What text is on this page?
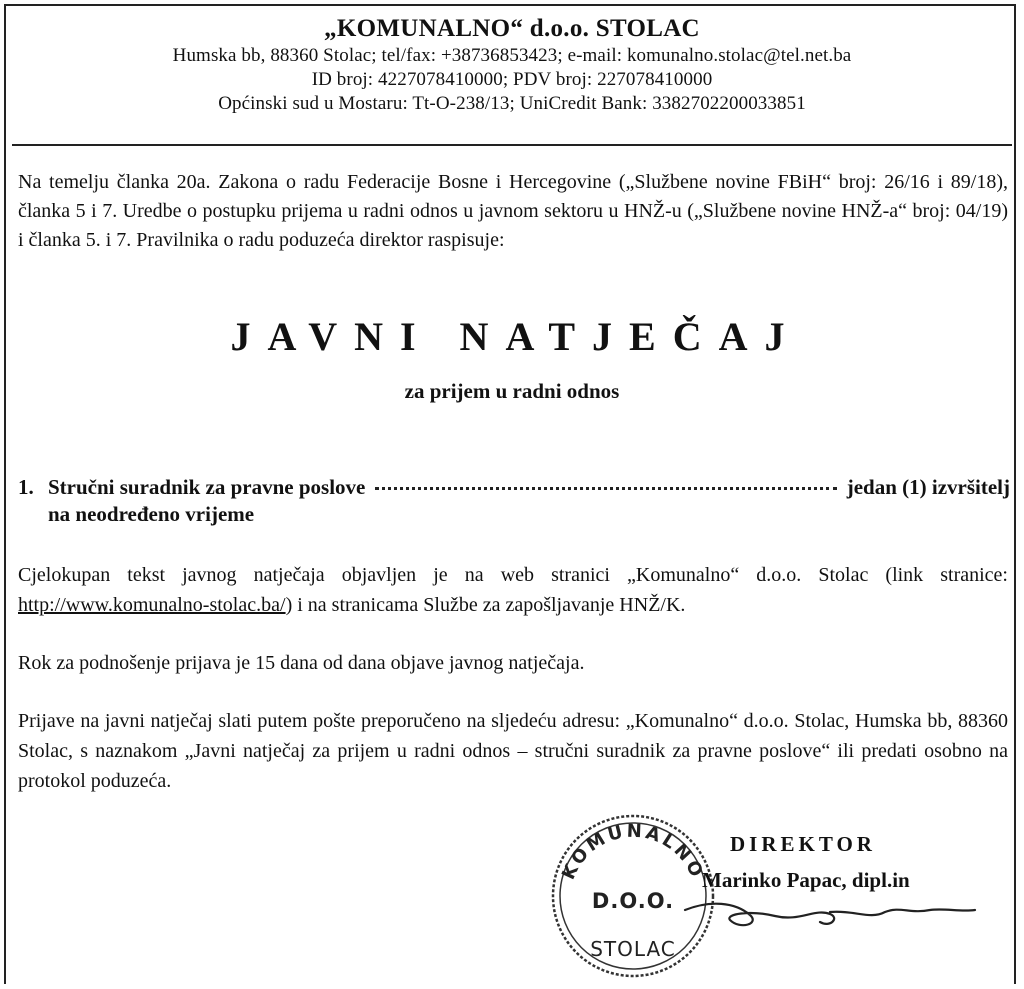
„KOMUNALNO“ d.o.o. STOLAC
Humska bb, 88360 Stolac; tel/fax: +38736853423; e-mail: komunalno.stolac@tel.net.ba
ID broj: 4227078410000; PDV broj: 227078410000
Općinski sud u Mostaru: Tt-O-238/13; UniCredit Bank: 3382702200033851
Na temelju članka 20a. Zakona o radu Federacije Bosne i Hercegovine („Službene novine FBiH“ broj: 26/16 i 89/18), članka 5 i 7. Uredbe o postupku prijema u radni odnos u javnom sektoru u HNŽ-u („Službene novine HNŽ-a“ broj: 04/19) i članka 5. i 7. Pravilnika o radu poduzeća direktor raspisuje:
JAVNI NATJEČAJ
za prijem u radni odnos
1. Stručni suradnik za pravne poslove	jedan (1) izvršitelj
na neodređeno vrijeme
Cjelokupan tekst javnog natječaja objavljen je na web stranici „Komunalno“ d.o.o. Stolac (link stranice: http://www.komunalno-stolac.ba/) i na stranicama Službe za zapošljavanje HNŽ/K.
Rok za podnošenje prijava je 15 dana od dana objave javnog natječaja.
Prijave na javni natječaj slati putem pošte preporučeno na sljedeću adresu: „Komunalno“ d.o.o. Stolac, Humska bb, 88360 Stolac, s naznakom „Javni natječaj za prijem u radni odnos – stručni suradnik za pravne poslove“ ili predati osobno na protokol poduzeća.
KOMUNALNO
D.O.O.
STOLAC
DIREKTOR
Marinko Papac, dipl.in
